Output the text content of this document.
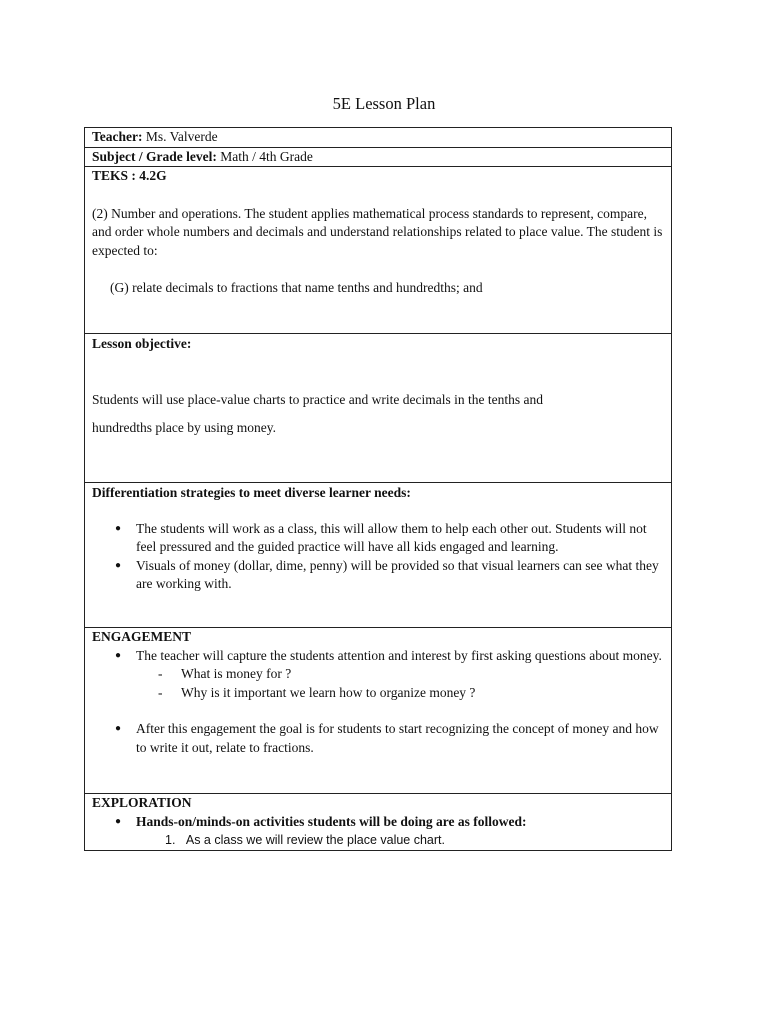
5E Lesson Plan
Teacher: Ms. Valverde
Subject / Grade level: Math / 4th Grade

TEKS : 4.2G

(2) Number and operations. The student applies mathematical process standards to represent, compare, and order whole numbers and decimals and understand relationships related to place value. The student is expected to:

(G) relate decimals to fractions that name tenths and hundredths; and

Lesson objective:

Students will use place-value charts to practice and write decimals in the tenths and

hundredths place by using money.

Differentiation strategies to meet diverse learner needs:

● The students will work as a class, this will allow them to help each other out. Students will not feel pressured and the guided practice will have all kids engaged and learning.
● Visuals of money (dollar, dime, penny) will be provided so that visual learners can see what they are working with.

ENGAGEMENT

● The teacher will capture the students attention and interest by first asking questions about money.
- What is money for ?
- Why is it important we learn how to organize money ?
● After this engagement the goal is for students to start recognizing the concept of money and how to write it out, relate to fractions.

EXPLORATION

● Hands-on/minds-on activities students will be doing are as followed:

1. As a class we will review the place value chart.
